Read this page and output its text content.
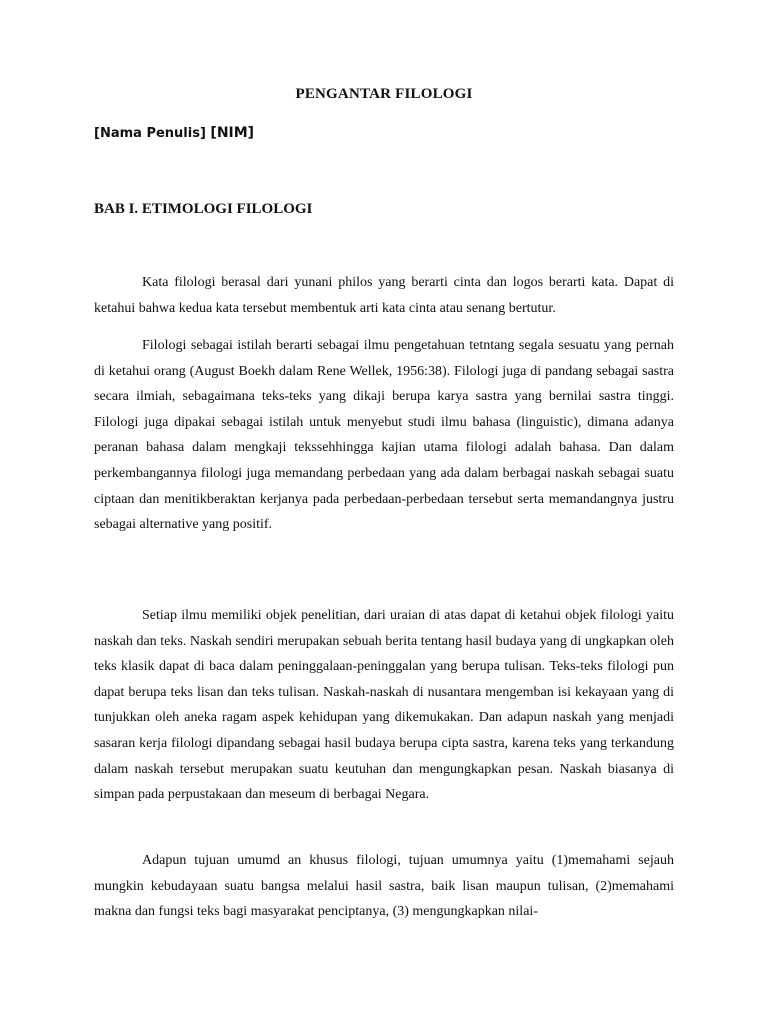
PENGANTAR FILOLOGI
[Nama Penulis] [NIM]
BAB I. ETIMOLOGI FILOLOGI

Kata filologi berasal dari yunani philos yang berarti cinta dan logos berarti kata. Dapat di ketahui bahwa kedua kata tersebut membentuk arti kata cinta atau senang bertutur.

Filologi sebagai istilah berarti sebagai ilmu pengetahuan tetntang segala sesuatu yang pernah di ketahui orang (August Boekh dalam Rene Wellek, 1956:38). Filologi juga di pandang sebagai sastra secara ilmiah, sebagaimana teks-teks yang dikaji berupa karya sastra yang bernilai sastra tinggi. Filologi juga dipakai sebagai istilah untuk menyebut studi ilmu bahasa (linguistic), dimana adanya peranan bahasa dalam mengkaji tekssehhingga kajian utama filologi adalah bahasa. Dan dalam perkembangannya filologi juga memandang perbedaan yang ada dalam berbagai naskah sebagai suatu ciptaan dan menitikberaktan kerjanya pada perbedaan-perbedaan tersebut serta memandangnya justru sebagai alternative yang positif.

Setiap ilmu memiliki objek penelitian, dari uraian di atas dapat di ketahui objek filologi yaitu naskah dan teks. Naskah sendiri merupakan sebuah berita tentang hasil budaya yang di ungkapkan oleh teks klasik dapat di baca dalam peninggalaan-peninggalan yang berupa tulisan. Teks-teks filologi pun dapat berupa teks lisan dan teks tulisan. Naskah-naskah di nusantara mengemban isi kekayaan yang di tunjukkan oleh aneka ragam aspek kehidupan yang dikemukakan. Dan adapun naskah yang menjadi sasaran kerja filologi dipandang sebagai hasil budaya berupa cipta sastra, karena teks yang terkandung dalam naskah tersebut merupakan suatu keutuhan dan mengungkapkan pesan. Naskah biasanya di simpan pada perpustakaan dan meseum di berbagai Negara.

Adapun tujuan umumd an khusus filologi, tujuan umumnya yaitu (1)memahami sejauh mungkin kebudayaan suatu bangsa melalui hasil sastra, baik lisan maupun tulisan, (2)memahami makna dan fungsi teks bagi masyarakat penciptanya, (3) mengungkapkan nilai-
